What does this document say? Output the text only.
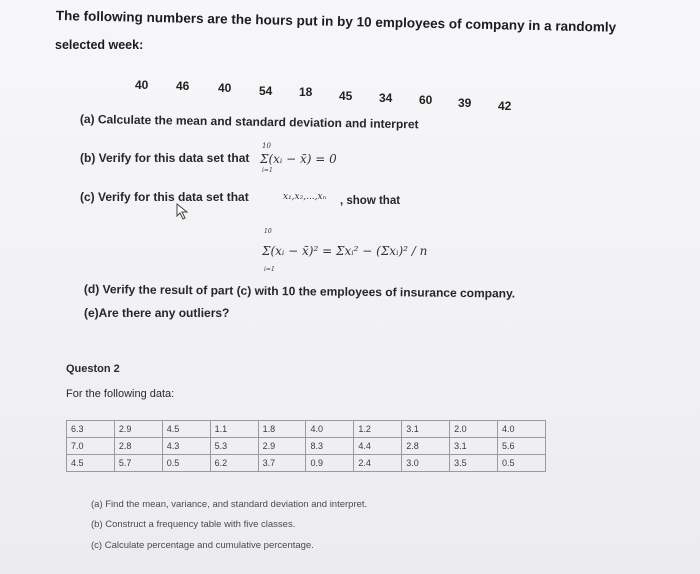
The following numbers are the hours put in by 10 employees of company in a randomly
selected week:
40 46 40 54 18 45 34 60 39 42
(a) Calculate the mean and standard deviation and interpret
(b) Verify for this data set that
10
Σ(xᵢ − x̄) = 0
i=1
(c) Verify for this data set that	x₁,x₂,...,xₙ , show that
10
Σ(xᵢ − x̄)² = Σxᵢ² − (Σxᵢ)² / n
i=1
(d) Verify the result of part (c) with 10 the employees of insurance company.
(e)Are there any outliers?
Queston 2
For the following data:
6.3	2.9	4.5	1.1	1.8	4.0	1.2	3.1	2.0	4.0
7.0	2.8	4.3	5.3	2.9	8.3	4.4	2.8	3.1	5.6
4.5	5.7	0.5	6.2	3.7	0.9	2.4	3.0	3.5	0.5
(a) Find the mean, variance, and standard deviation and interpret.
(b) Construct a frequency table with five classes.
(c) Calculate percentage and cumulative percentage.
